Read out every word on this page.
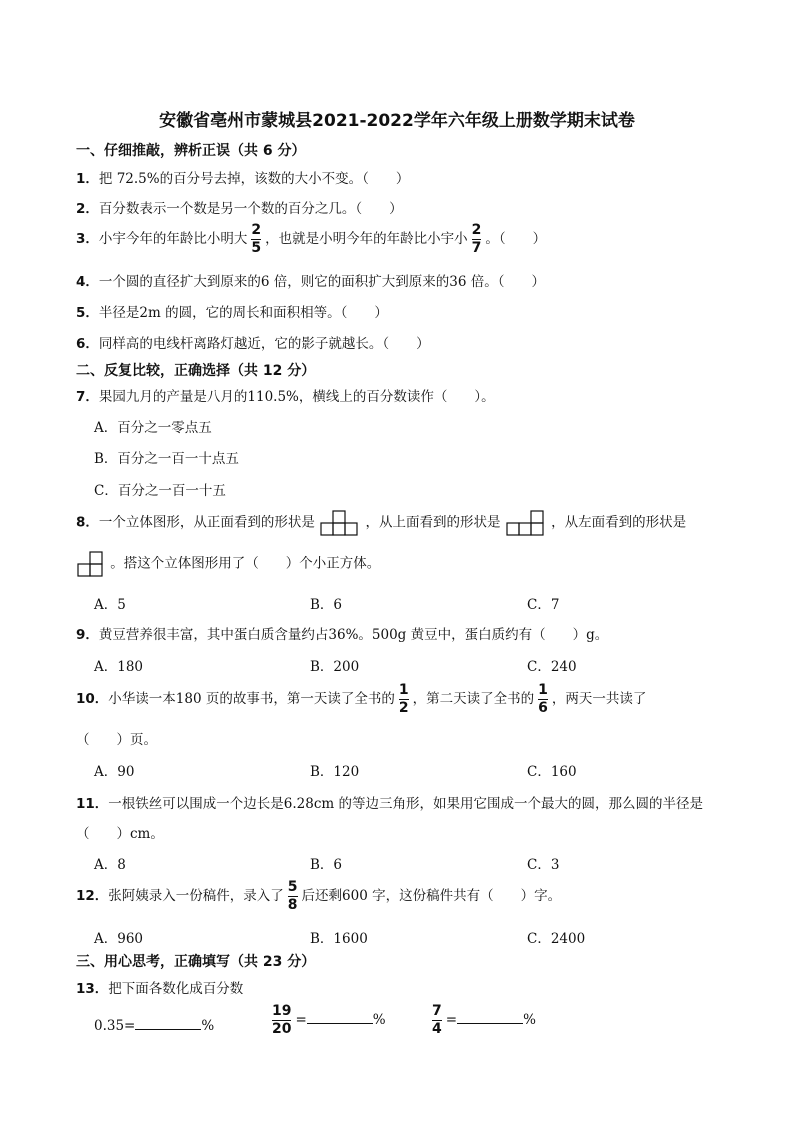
安徽省亳州市蒙城县2021-2022学年六年级上册数学期末试卷
一、仔细推敲，辨析正误（共 6 分）
1．把 72.5%的百分号去掉，该数的大小不变。（　　）
2．百分数表示一个数是另一个数的百分之几。（　　）
3．小宇今年的年龄比小明大 $\frac{2}{5}$ ，也就是小明今年的年龄比小宇小 $\frac{2}{7}$ 。（　　）
4．一个圆的直径扩大到原来的6 倍，则它的面积扩大到原来的36 倍。（　　）
5．半径是2m 的圆，它的周长和面积相等。（　　）
6．同样高的电线杆离路灯越近，它的影子就越长。（　　）
二、反复比较，正确选择（共 12 分）
7．果园九月的产量是八月的110.5%，横线上的百分数读作（　　）。
A．百分之一零点五
B．百分之一百一十点五
C．百分之一百一十五
8．一个立体图形，从正面看到的形状是	，从上面看到的形状是	，从左面看到的形状是
。搭这个立体图形用了（　　）个小正方体。
A．5	B．6	C．7
9．黄豆营养很丰富，其中蛋白质含量约占36%。500g 黄豆中，蛋白质约有（　　）g。
A．180	B．200	C．240
10．小华读一本180 页的故事书，第一天读了全书的 $\frac{1}{2}$ ，第二天读了全书的 $\frac{1}{6}$ ，两天一共读了
（　　）页。
A．90	B．120	C．160
11．一根铁丝可以围成一个边长是6.28cm 的等边三角形，如果用它围成一个最大的圆，那么圆的半径是
（　　）cm。
A．8	B．6	C．3
12．张阿姨录入一份稿件，录入了 $\frac{5}{8}$ 后还剩600 字，这份稿件共有（　　）字。
A．960	B．1600	C．2400
三、用心思考，正确填写（共 23 分）
13．把下面各数化成百分数
0.35=	%	$\frac{19}{20}$ =	%	$\frac{7}{4}$ =	%
